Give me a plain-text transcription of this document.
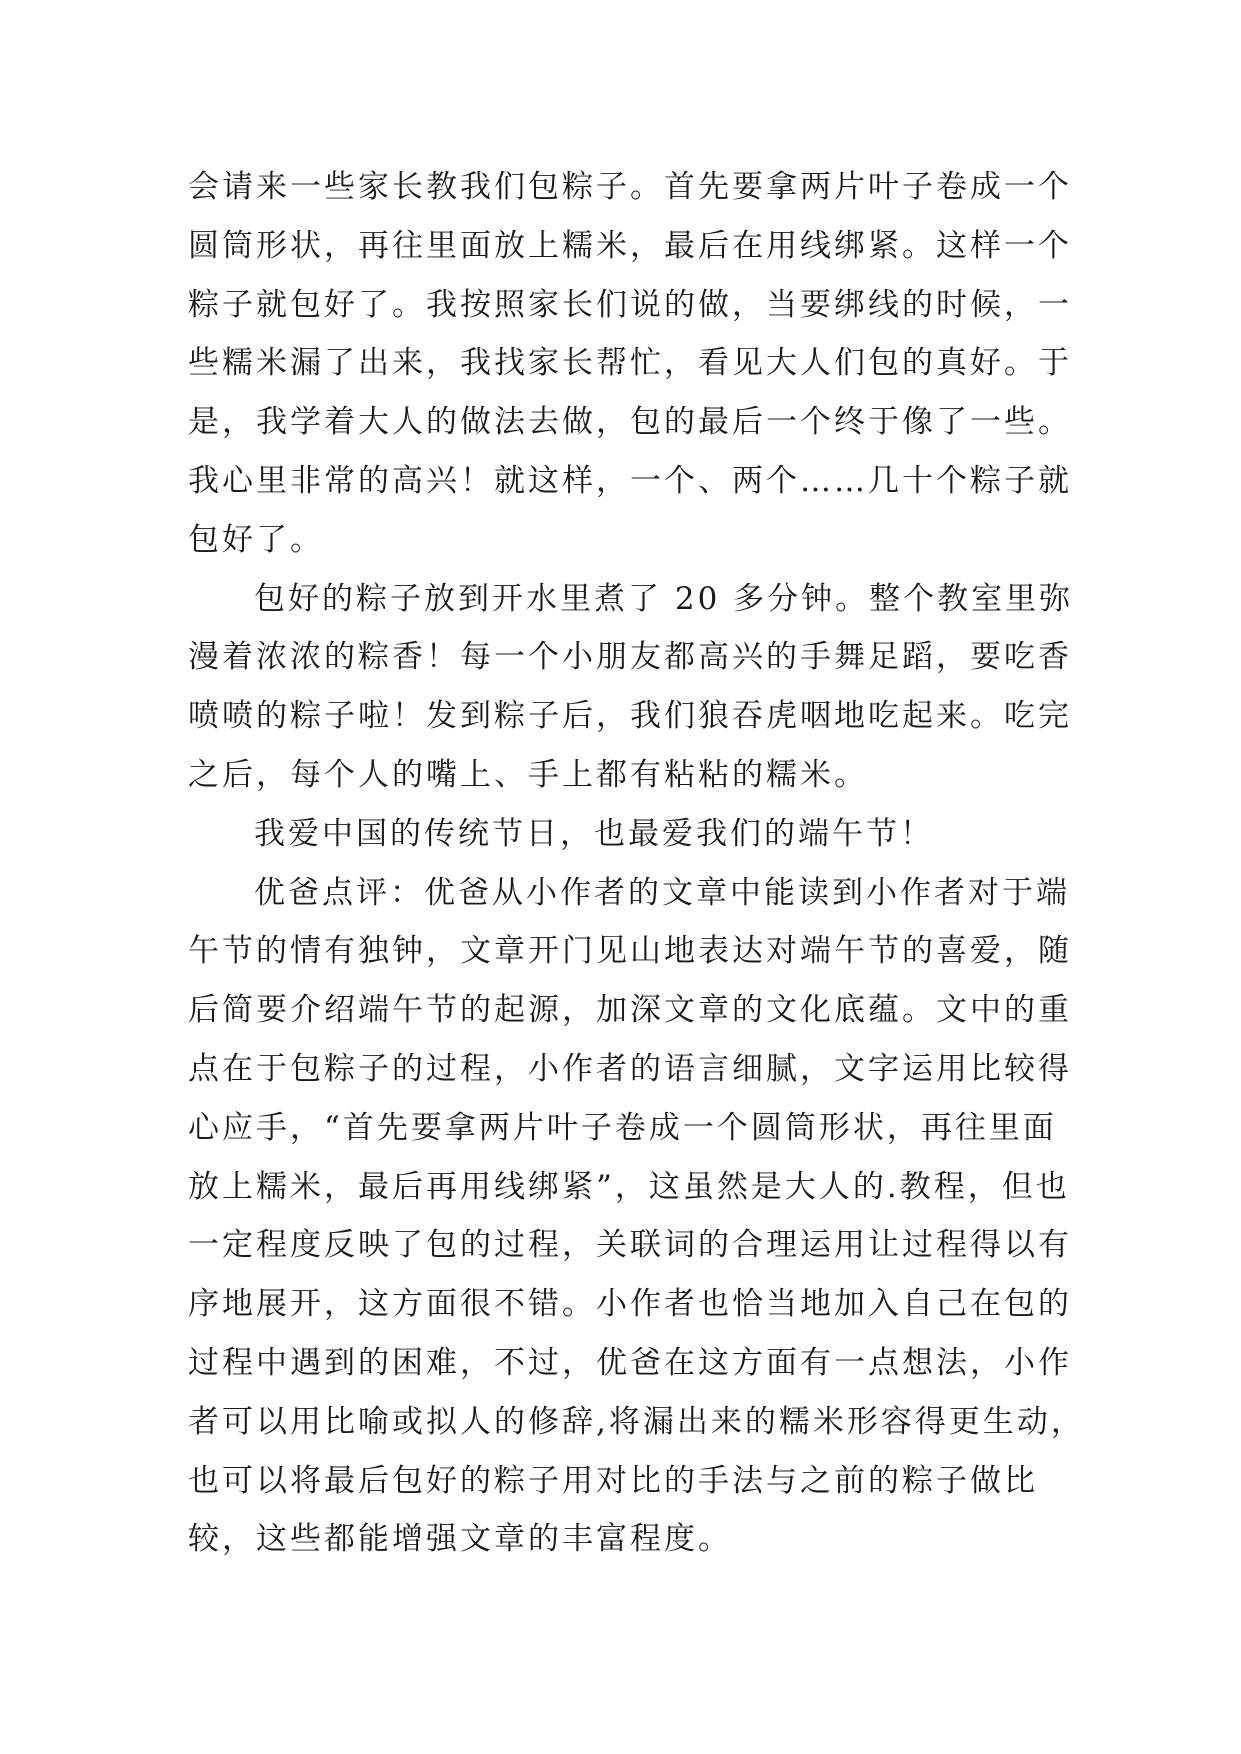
会请来一些家长教我们包粽子。首先要拿两片叶子卷成一个
圆筒形状，再往里面放上糯米，最后在用线绑紧。这样一个
粽子就包好了。我按照家长们说的做，当要绑线的时候，一
些糯米漏了出来，我找家长帮忙，看见大人们包的真好。于
是，我学着大人的做法去做，包的最后一个终于像了一些。
我心里非常的高兴！就这样，一个、两个……几十个粽子就
包好了。
包好的粽子放到开水里煮了 20 多分钟。整个教室里弥
漫着浓浓的粽香！每一个小朋友都高兴的手舞足蹈，要吃香
喷喷的粽子啦！发到粽子后，我们狼吞虎咽地吃起来。吃完
之后，每个人的嘴上、手上都有粘粘的糯米。
我爱中国的传统节日，也最爱我们的端午节！
优爸点评：优爸从小作者的文章中能读到小作者对于端
午节的情有独钟，文章开门见山地表达对端午节的喜爱，随
后简要介绍端午节的起源，加深文章的文化底蕴。文中的重
点在于包粽子的过程，小作者的语言细腻，文字运用比较得
心应手，“首先要拿两片叶子卷成一个圆筒形状，再往里面
放上糯米，最后再用线绑紧”，这虽然是大人的.教程，但也
一定程度反映了包的过程，关联词的合理运用让过程得以有
序地展开，这方面很不错。小作者也恰当地加入自己在包的
过程中遇到的困难，不过，优爸在这方面有一点想法，小作
者可以用比喻或拟人的修辞,将漏出来的糯米形容得更生动，
也可以将最后包好的粽子用对比的手法与之前的粽子做比
较，这些都能增强文章的丰富程度。
